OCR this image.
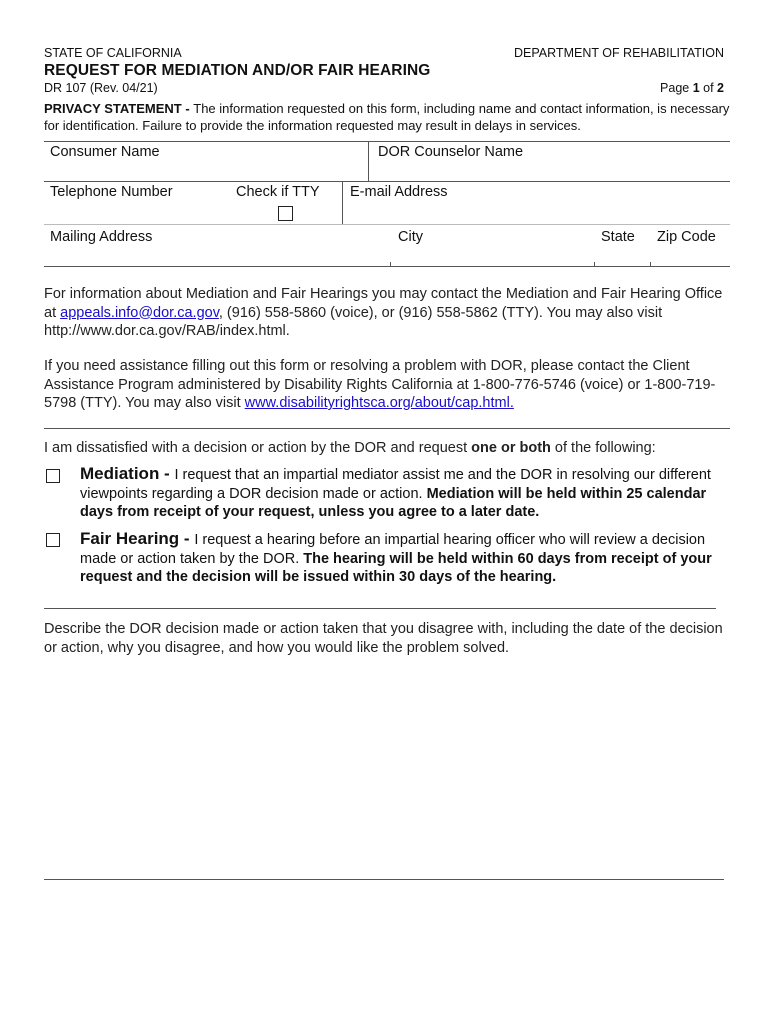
STATE OF CALIFORNIA	DEPARTMENT OF REHABILITATION
REQUEST FOR MEDIATION AND/OR FAIR HEARING
DR 107 (Rev. 04/21)	Page 1 of 2
PRIVACY STATEMENT - The information requested on this form, including name and contact information, is necessary for identification. Failure to provide the information requested may result in delays in services.
Consumer Name	DOR Counselor Name
Telephone Number	Check if TTY E-mail Address
Mailing Address	City	State Zip Code
For information about Mediation and Fair Hearings you may contact the Mediation and Fair Hearing Office at appeals.info@dor.ca.gov, (916) 558-5860 (voice), or (916) 558-5862 (TTY). You may also visit http://www.dor.ca.gov/RAB/index.html.
If you need assistance filling out this form or resolving a problem with DOR, please contact the Client Assistance Program administered by Disability Rights California at 1-800-776-5746 (voice) or 1-800-719-5798 (TTY). You may also visit www.disabilityrightsca.org/about/cap.html.
I am dissatisfied with a decision or action by the DOR and request one or both of the following:
Mediation - I request that an impartial mediator assist me and the DOR in resolving our different viewpoints regarding a DOR decision made or action. Mediation will be held within 25 calendar days from receipt of your request, unless you agree to a later date.
Fair Hearing - I request a hearing before an impartial hearing officer who will review a decision made or action taken by the DOR. The hearing will be held within 60 days from receipt of your request and the decision will be issued within 30 days of the hearing.
Describe the DOR decision made or action taken that you disagree with, including the date of the decision or action, why you disagree, and how you would like the problem solved.
